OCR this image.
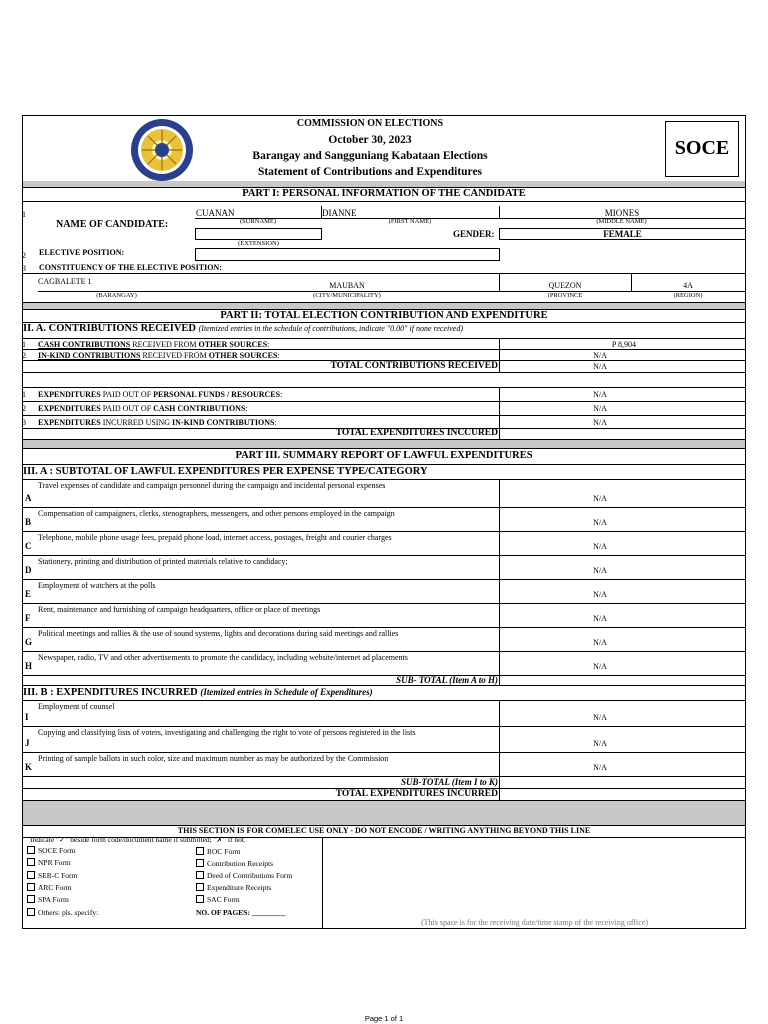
COMMISSION ON ELECTIONS
October 30, 2023
Barangay and Sangguniang Kabataan Elections
Statement of Contributions and Expenditures
SOCE
PART I: PERSONAL INFORMATION OF THE CANDIDATE
1
NAME OF CANDIDATE:
CUANAN	DIANNE	MIONES
(SURNAME)	(FIRST NAME)	(MIDDLE NAME)
(EXTENSION)
GENDER:	FEMALE
2 ELECTIVE POSITION:
3 CONSTITUENCY OF THE ELECTIVE POSITION:
CAGBALETE 1	MAUBAN	QUEZON	4A
(BARANGAY)	(CITY/MUNICIPALITY)	(PROVINCE	(REGION)
PART II: TOTAL ELECTION CONTRIBUTION AND EXPENDITURE
II. A. CONTRIBUTIONS RECEIVED (Itemized entries in the schedule of contributions, indicate "0.00" if none received)
1 CASH CONTRIBUTIONS RECEIVED FROM OTHER SOURCES:	P 8,904
2 IN-KIND CONTRIBUTIONS RECEIVED FROM OTHER SOURCES:	N/A
TOTAL CONTRIBUTIONS RECEIVED	N/A
1 EXPENDITURES PAID OUT OF PERSONAL FUNDS / RESOURCES:	N/A
2 EXPENDITURES PAID OUT OF CASH CONTRIBUTIONS:	N/A
3 EXPENDITURES INCURRED USING IN-KIND CONTRIBUTIONS:	N/A
TOTAL EXPENDITURES INCCURED
PART III. SUMMARY REPORT OF LAWFUL EXPENDITURES
III. A : SUBTOTAL OF LAWFUL EXPENDITURES PER EXPENSE TYPE/CATEGORY
A
Travel expenses of candidate and campaign personnel during the campaign and incidental personal expenses
N/A
B
Compensation of campaigners, clerks, stenographers, messengers, and other persons employed in the campaign
N/A
C
Telephone, mobile phone usage fees, prepaid phone load, internet access, postages, freight and courier charges
N/A
D
Stationery, printing and distribution of printed materials relative to candidacy;
N/A
E
Employment of watchers at the polls
N/A
F
Rent, maintenance and furnishing of campaign headquarters, office or place of meetings
N/A
G
Political meetings and rallies & the use of sound systems, lights and decorations during said meetings and rallies
N/A
H
Newspaper, radio, TV and other advertisements to promote the candidacy, including website/internet ad placements
N/A
SUB- TOTAL (Item A to H)
III. B : EXPENDITURES INCURRED (Itemized entries in Schedule of Expenditures)
I
Employment of counsel
N/A
J
Copying and classifying lists of voters, investigating and challenging the right to vote of persons registered in the lists
N/A
K
Printing of sample ballots in such color, size and maximum number as may be authorized by the Commission
N/A
SUB-TOTAL (Item I to K)
TOTAL EXPENDITURES INCURRED
THIS SECTION IS FOR COMELEC USE ONLY - DO NOT ENCODE / WRITING ANYTHING BEYOND THIS LINE
Indicate "✓" beside form code/document name if submitted; "✗" if not.
SOCE Form
NPR Form
SER-C Form
ARC Form
SPA Form
Others: pls. specify:
ROC Form
Contribution Receipts
Deed of Contributions Form
Expenditure Receipts
SAC Form
NO. OF PAGES: _________
(This space is for the receiving date/time stamp of the receiving office)
Page 1 of 1
